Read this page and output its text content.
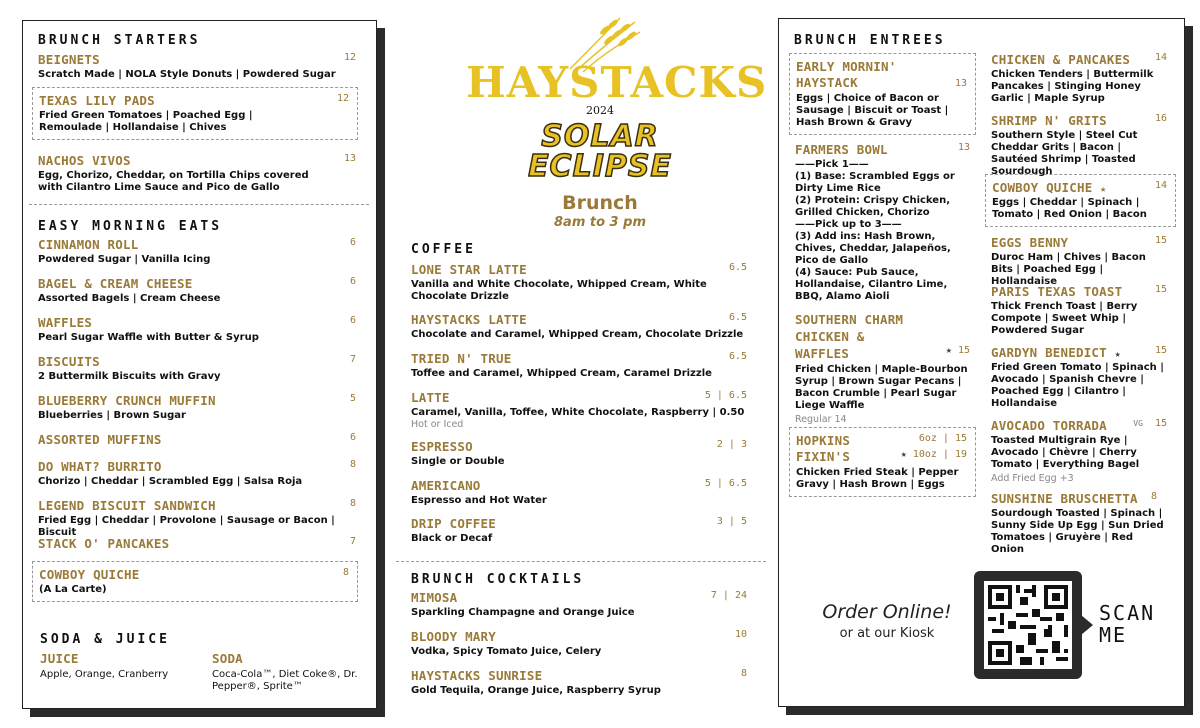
BRUNCH STARTERS
BEIGNETS	12
Scratch Made | NOLA Style Donuts | Powdered Sugar
TEXAS LILY PADS	12
Fried Green Tomatoes | Poached Egg | Remoulade | Hollandaise | Chives
NACHOS VIVOS	13
Egg, Chorizo, Cheddar, on Tortilla Chips covered with Cilantro Lime Sauce and Pico de Gallo
EASY MORNING EATS
CINNAMON ROLL	6
Powdered Sugar | Vanilla Icing
BAGEL & CREAM CHEESE	6
Assorted Bagels | Cream Cheese
WAFFLES	6
Pearl Sugar Waffle with Butter & Syrup
BISCUITS	7
2 Buttermilk Biscuits with Gravy
BLUEBERRY CRUNCH MUFFIN	5
Blueberries | Brown Sugar
ASSORTED MUFFINS	6
DO WHAT? BURRITO	8
Chorizo | Cheddar | Scrambled Egg | Salsa Roja
LEGEND BISCUIT SANDWICH	8
Fried Egg | Cheddar | Provolone | Sausage or Bacon | Biscuit
STACK O' PANCAKES	7
COWBOY QUICHE	8
(A La Carte)
SODA & JUICE
JUICE
Apple, Orange, Cranberry
SODA
Coca-Cola™, Diet Coke®, Dr. Pepper®, Sprite™
HAYSTACKS
2024
SOLAR ECLIPSE
Brunch
8am to 3 pm
COFFEE
LONE STAR LATTE	6.5
Vanilla and White Chocolate, Whipped Cream, White Chocolate Drizzle
HAYSTACKS LATTE	6.5
Chocolate and Caramel, Whipped Cream, Chocolate Drizzle
TRIED N' TRUE	6.5
Toffee and Caramel, Whipped Cream, Caramel Drizzle
LATTE	5 | 6.5
Caramel, Vanilla, Toffee, White Chocolate, Raspberry | 0.50
Hot or Iced
ESPRESSO	2 | 3
Single or Double
AMERICANO	5 | 6.5
Espresso and Hot Water
DRIP COFFEE	3 | 5
Black or Decaf
BRUNCH COCKTAILS
MIMOSA	7 | 24
Sparkling Champagne and Orange Juice
BLOODY MARY	10
Vodka, Spicy Tomato Juice, Celery
HAYSTACKS SUNRISE	8
Gold Tequila, Orange Juice, Raspberry Syrup
BRUNCH ENTREES
EARLY MORNIN' HAYSTACK	13
Eggs | Choice of Bacon or Sausage | Biscuit or Toast | Hash Brown & Gravy
FARMERS BOWL	13
——Pick 1——
(1) Base: Scrambled Eggs or Dirty Lime Rice
(2) Protein: Crispy Chicken, Grilled Chicken, Chorizo
——Pick up to 3——
(3) Add ins: Hash Brown, Chives, Cheddar, Jalapeños, Pico de Gallo
(4) Sauce: Pub Sauce, Hollandaise, Cilantro Lime, BBQ, Alamo Aioli
SOUTHERN CHARM CHICKEN & WAFFLES	★ 15
Fried Chicken | Maple-Bourbon Syrup | Brown Sugar Pecans | Bacon Crumble | Pearl Sugar Liege Waffle
Regular 14
HOPKINS FIXIN'S
6oz | 15
★ 10oz | 19
Chicken Fried Steak | Pepper Gravy | Hash Brown | Eggs
CHICKEN & PANCAKES	14
Chicken Tenders | Buttermilk Pancakes | Stinging Honey Garlic | Maple Syrup
SHRIMP N' GRITS	16
Southern Style | Steel Cut Cheddar Grits | Bacon | Sautéed Shrimp | Toasted Sourdough
COWBOY QUICHE ★	14
Eggs | Cheddar | Spinach | Tomato | Red Onion | Bacon
EGGS BENNY	15
Duroc Ham | Chives | Bacon Bits | Poached Egg | Hollandaise
PARIS TEXAS TOAST	15
Thick French Toast | Berry Compote | Sweet Whip | Powdered Sugar
GARDYN BENEDICT ★	15
Fried Green Tomato | Spinach | Avocado | Spanish Chevre | Poached Egg | Cilantro | Hollandaise
AVOCADO TORRADA	VG 15
Toasted Multigrain Rye | Avocado | Chèvre | Cherry Tomato | Everything Bagel
Add Fried Egg +3
SUNSHINE BRUSCHETTA	8
Sourdough Toasted | Spinach | Sunny Side Up Egg | Sun Dried Tomatoes | Gruyère | Red Onion
Order Online!
or at our Kiosk
SCAN
ME
